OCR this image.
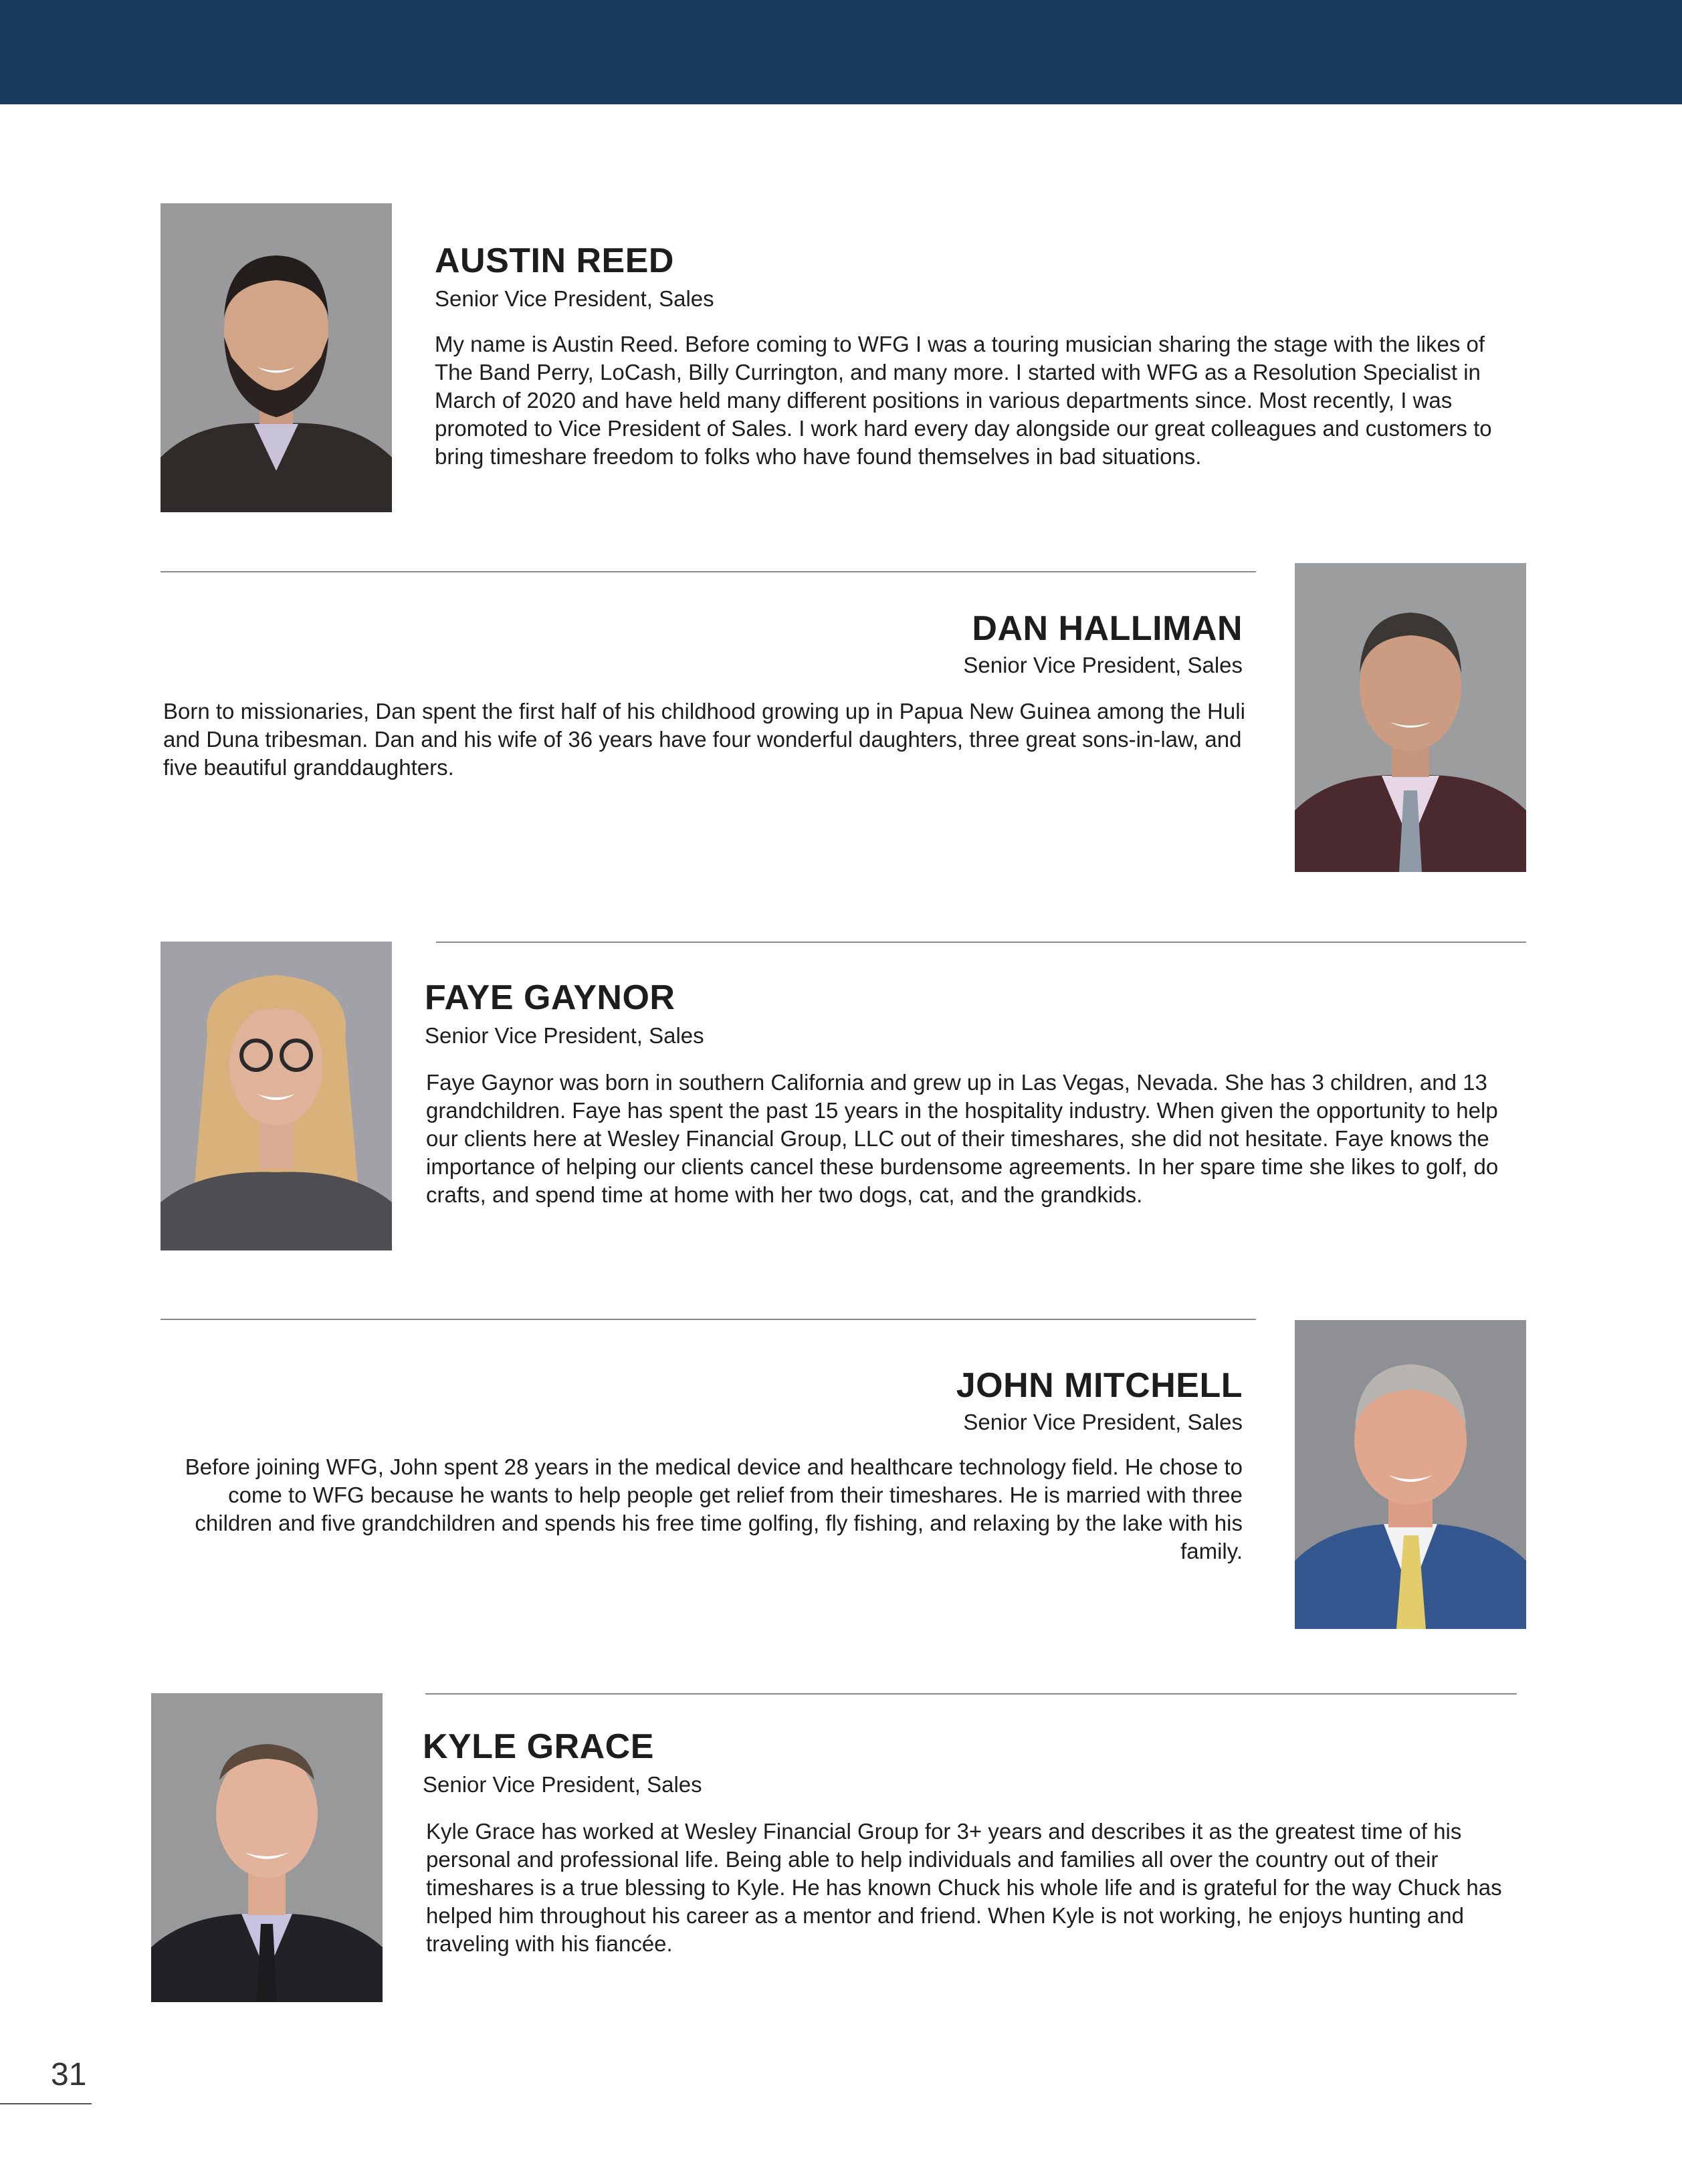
AUSTIN REED
Senior Vice President, Sales

My name is Austin Reed. Before coming to WFG I was a touring musician sharing the stage with the likes of The Band Perry, LoCash, Billy Currington, and many more. I started with WFG as a Resolution Specialist in March of 2020 and have held many different positions in various departments since. Most recently, I was promoted to Vice President of Sales. I work hard every day alongside our great colleagues and customers to bring timeshare freedom to folks who have found themselves in bad situations.

DAN HALLIMAN
Senior Vice President, Sales

Born to missionaries, Dan spent the first half of his childhood growing up in Papua New Guinea among the Huli and Duna tribesman. Dan and his wife of 36 years have four wonderful daughters, three great sons-in-law, and five beautiful granddaughters.

FAYE GAYNOR
Senior Vice President, Sales

Faye Gaynor was born in southern California and grew up in Las Vegas, Nevada. She has 3 children, and 13 grandchildren. Faye has spent the past 15 years in the hospitality industry. When given the opportunity to help our clients here at Wesley Financial Group, LLC out of their timeshares, she did not hesitate. Faye knows the importance of helping our clients cancel these burdensome agreements. In her spare time she likes to golf, do crafts, and spend time at home with her two dogs, cat, and the grandkids.

JOHN MITCHELL
Senior Vice President, Sales

Before joining WFG, John spent 28 years in the medical device and healthcare technology field. He chose to come to WFG because he wants to help people get relief from their timeshares. He is married with three children and five grandchildren and spends his free time golfing, fly fishing, and relaxing by the lake with his family.

KYLE GRACE
Senior Vice President, Sales

Kyle Grace has worked at Wesley Financial Group for 3+ years and describes it as the greatest time of his personal and professional life. Being able to help individuals and families all over the country out of their timeshares is a true blessing to Kyle. He has known Chuck his whole life and is grateful for the way Chuck has helped him throughout his career as a mentor and friend. When Kyle is not working, he enjoys hunting and traveling with his fiancée.

31
